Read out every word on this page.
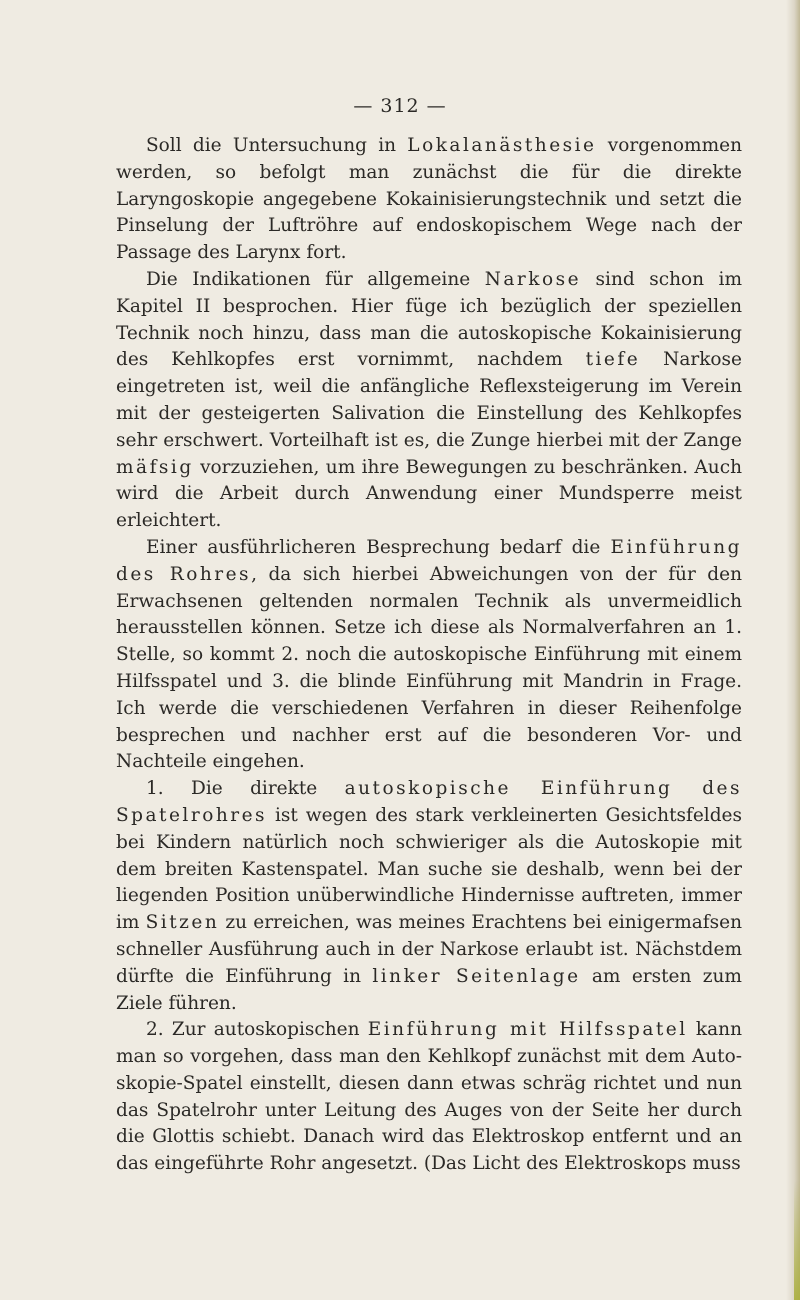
— 312 —

Soll die Untersuchung in Lokalanästhesie vorgenommen werden, so befolgt man zunächst die für die direkte Laryngoskopie angegebene Kokainisierungstechnik und setzt die Pinselung der Luftröhre auf endoskopischem Wege nach der Passage des Larynx fort.

Die Indikationen für allgemeine Narkose sind schon im Kapitel II besprochen. Hier füge ich bezüglich der speziellen Technik noch hinzu, dass man die autoskopische Kokainisierung des Kehlkopfes erst vornimmt, nachdem tiefe Narkose eingetreten ist, weil die anfängliche Reflexsteigerung im Verein mit der gesteigerten Salivation die Einstellung des Kehlkopfes sehr erschwert. Vorteilhaft ist es, die Zunge hierbei mit der Zange mäfsig vorzuziehen, um ihre Bewegungen zu beschränken. Auch wird die Arbeit durch Anwendung einer Mundsperre meist erleichtert.

Einer ausführlicheren Besprechung bedarf die Einführung des Rohres, da sich hierbei Abweichungen von der für den Erwachsenen geltenden normalen Technik als unvermeidlich herausstellen können. Setze ich diese als Normalverfahren an 1. Stelle, so kommt 2. noch die autoskopische Einführung mit einem Hilfsspatel und 3. die blinde Einführung mit Mandrin in Frage. Ich werde die verschiedenen Verfahren in dieser Reihenfolge besprechen und nachher erst auf die besonderen Vor- und Nachteile eingehen.

1. Die direkte autoskopische Einführung des Spatelrohres ist wegen des stark verkleinerten Gesichtsfeldes bei Kindern natürlich noch schwieriger als die Autoskopie mit dem breiten Kastenspatel. Man suche sie deshalb, wenn bei der liegenden Position unüberwindliche Hindernisse auftreten, immer im Sitzen zu erreichen, was meines Erachtens bei einigermafsen schneller Ausführung auch in der Narkose erlaubt ist. Nächstdem dürfte die Einführung in linker Seitenlage am ersten zum Ziele führen.

2. Zur autoskopischen Einführung mit Hilfsspatel kann man so vorgehen, dass man den Kehlkopf zunächst mit dem Autoskopie-Spatel einstellt, diesen dann etwas schräg richtet und nun das Spatelrohr unter Leitung des Auges von der Seite her durch die Glottis schiebt. Danach wird das Elektroskop entfernt und an das eingeführte Rohr angesetzt. (Das Licht des Elektroskops muss
